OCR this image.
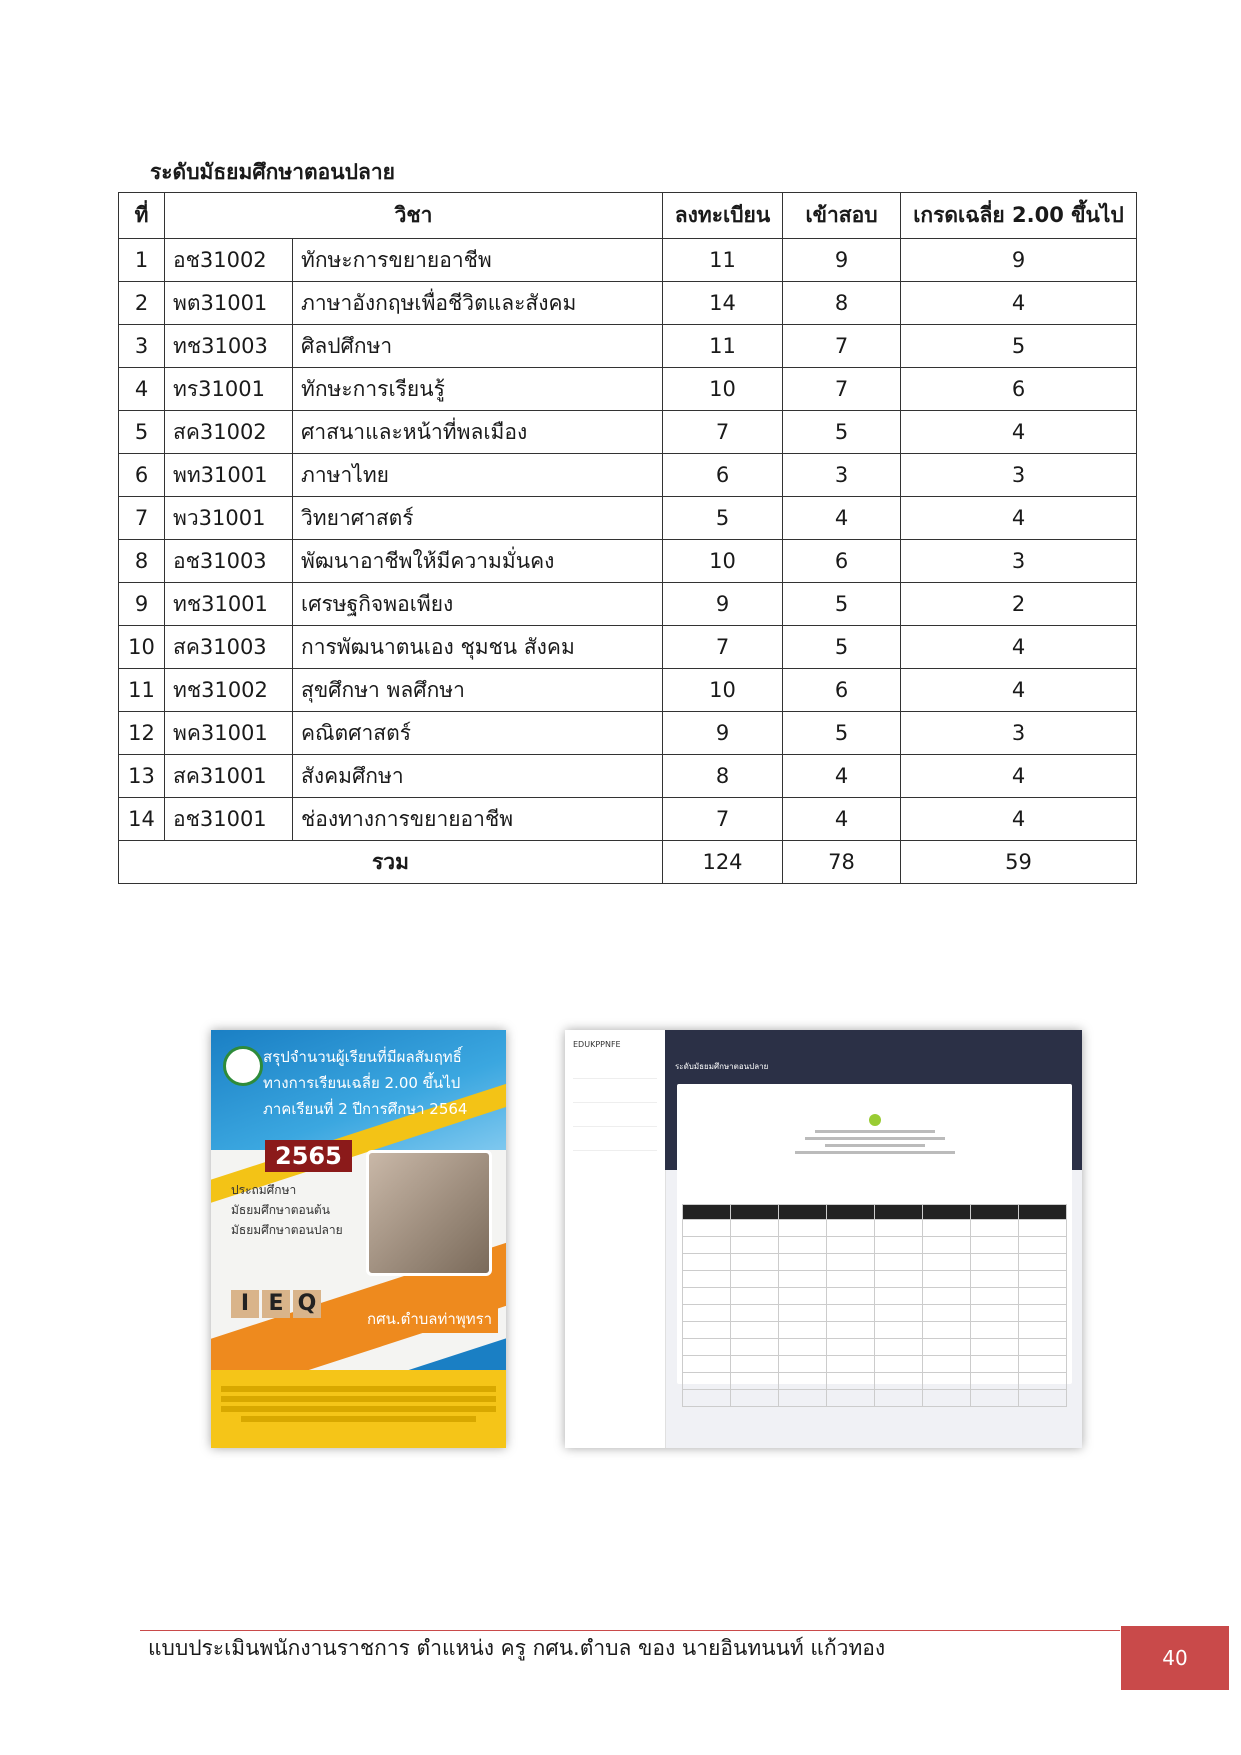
ระดับมัธยมศึกษาตอนปลาย
ที่	วิชา		ลงทะเบียน	เข้าสอบ	เกรดเฉลี่ย 2.00 ขึ้นไป
1	อช31002	ทักษะการขยายอาชีพ	11	9	9
2	พต31001	ภาษาอังกฤษเพื่อชีวิตและสังคม	14	8	4
3	ทช31003	ศิลปศึกษา	11	7	5
4	ทร31001	ทักษะการเรียนรู้	10	7	6
5	สค31002	ศาสนาและหน้าที่พลเมือง	7	5	4
6	พท31001	ภาษาไทย	6	3	3
7	พว31001	วิทยาศาสตร์	5	4	4
8	อช31003	พัฒนาอาชีพให้มีความมั่นคง	10	6	3
9	ทช31001	เศรษฐกิจพอเพียง	9	5	2
10	สค31003	การพัฒนาตนเอง ชุมชน สังคม	7	5	4
11	ทช31002	สุขศึกษา พลศึกษา	10	6	4
12	พค31001	คณิตศาสตร์	9	5	3
13	สค31001	สังคมศึกษา	8	4	4
14	อช31001	ช่องทางการขยายอาชีพ	7	4	4
รวม			124	78	59
สรุปจำนวนผู้เรียนที่มีผลสัมฤทธิ์
ทางการเรียนเฉลี่ย 2.00 ขึ้นไป
ภาคเรียนที่ 2 ปีการศึกษา 2564
2565
ประถมศึกษา
มัธยมศึกษาตอนต้น
มัธยมศึกษาตอนปลาย
I E Q
กศน.ตำบลท่าพุทรา
EDUKPPNFE
ระดับมัธยมศึกษาตอนปลาย

แบบประเมินพนักงานราชการ ตำแหน่ง ครู กศน.ตำบล ของ นายอินทนนท์ แก้วทอง	40
